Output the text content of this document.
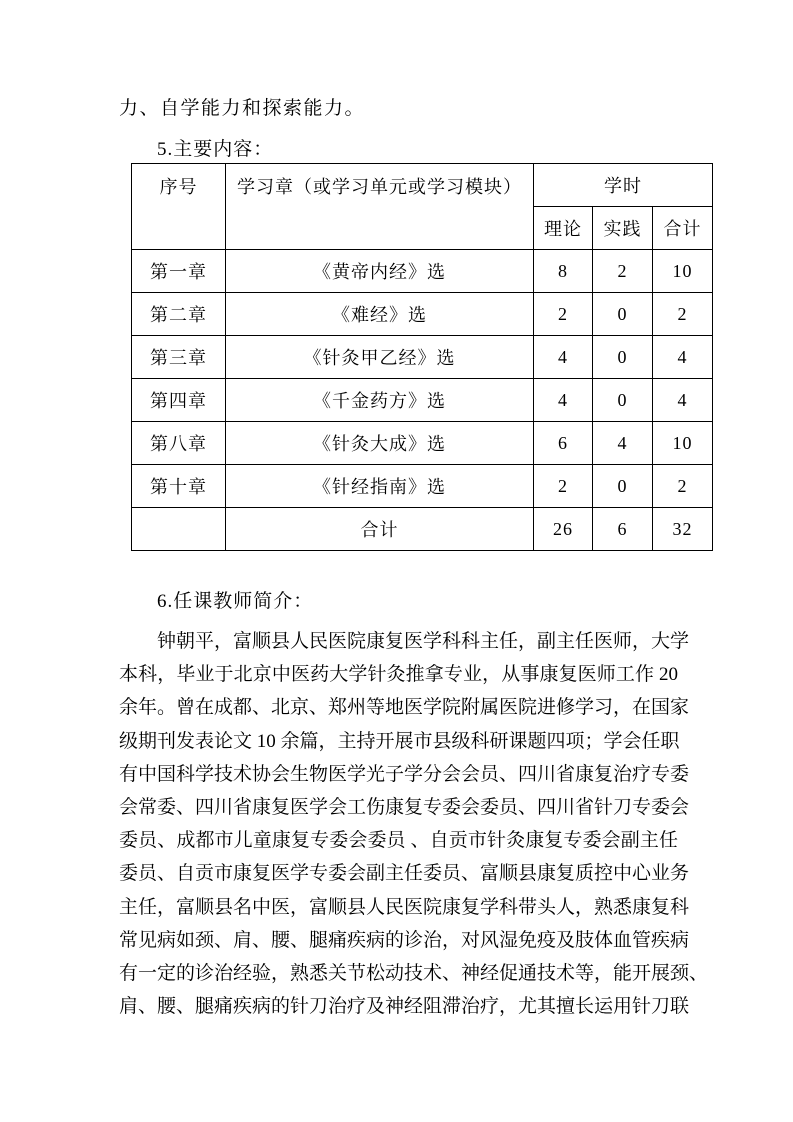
力、自学能力和探索能力。
5.主要内容：
序号	学习章（或学习单元或学习模块）	学时		
		理论	实践	合计
第一章	《黄帝内经》选	8	2	10
第二章	《难经》选	2	0	2
第三章	《针灸甲乙经》选	4	0	4
第四章	《千金药方》选	4	0	4
第八章	《针灸大成》选	6	4	10
第十章	《针经指南》选	2	0	2
	合计	26	6	32
6.任课教师简介：
钟朝平，富顺县人民医院康复医学科科主任，副主任医师，大学
本科，毕业于北京中医药大学针灸推拿专业，从事康复医师工作 20
余年。曾在成都、北京、郑州等地医学院附属医院进修学习，在国家
级期刊发表论文 10 余篇，主持开展市县级科研课题四项；学会任职
有中国科学技术协会生物医学光子学分会会员、四川省康复治疗专委
会常委、四川省康复医学会工伤康复专委会委员、四川省针刀专委会
委员、成都市儿童康复专委会委员 、自贡市针灸康复专委会副主任
委员、自贡市康复医学专委会副主任委员、富顺县康复质控中心业务
主任，富顺县名中医，富顺县人民医院康复学科带头人，熟悉康复科
常见病如颈、肩、腰、腿痛疾病的诊治，对风湿免疫及肢体血管疾病
有一定的诊治经验，熟悉关节松动技术、神经促通技术等，能开展颈、
肩、腰、腿痛疾病的针刀治疗及神经阻滞治疗，尤其擅长运用针刀联
